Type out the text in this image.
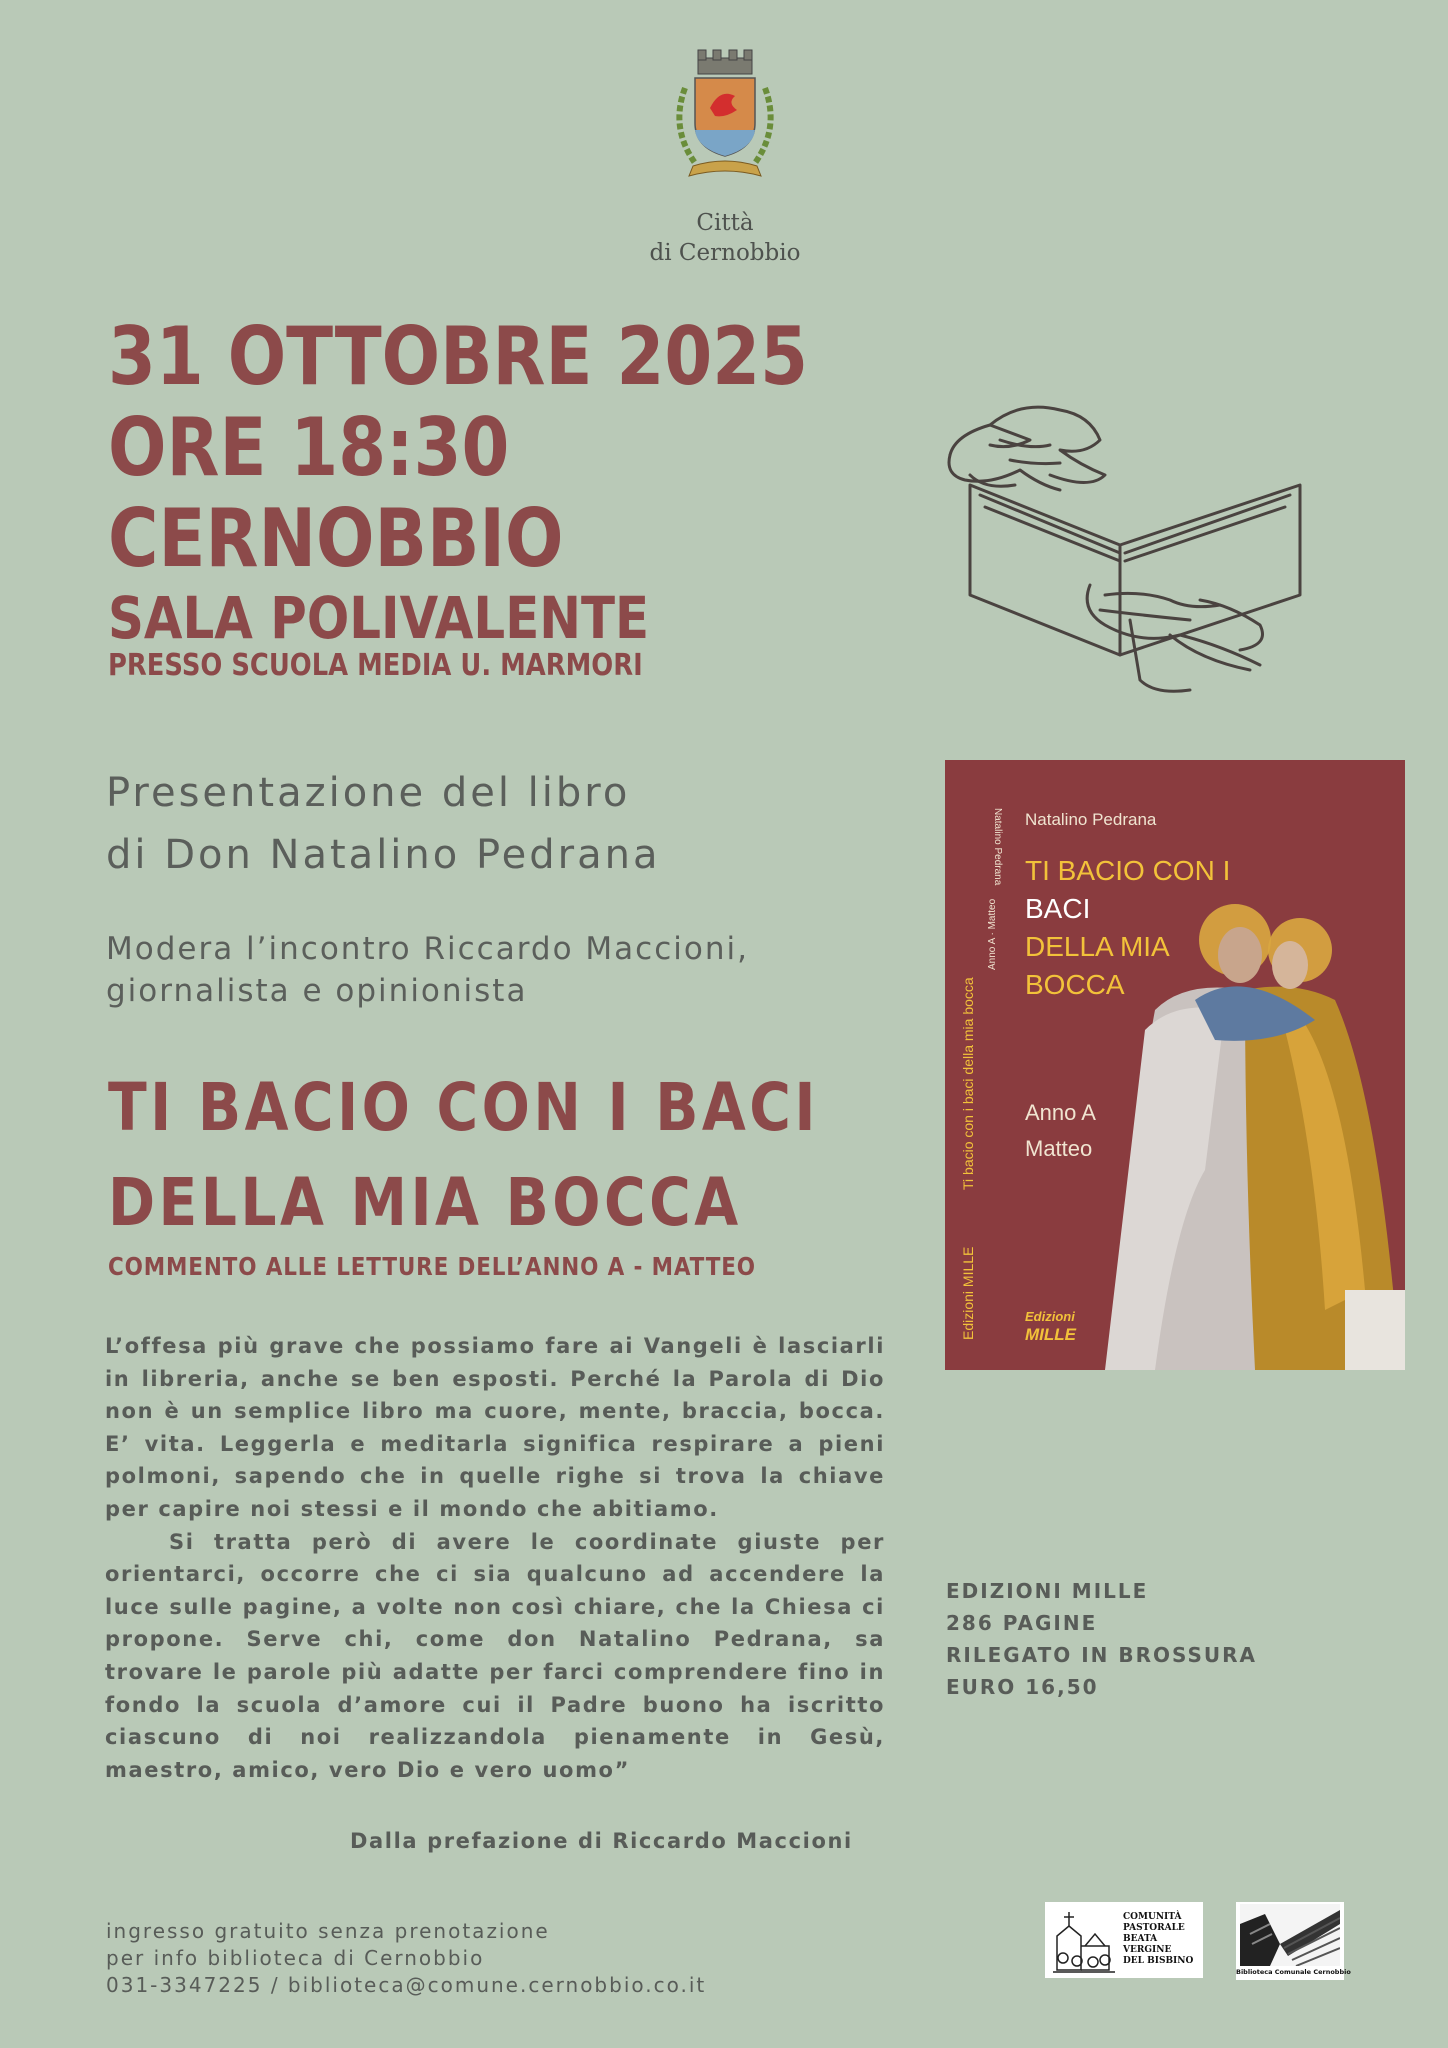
Città
di Cernobbio
31 OTTOBRE 2025
ORE 18:30
CERNOBBIO
SALA POLIVALENTE
PRESSO SCUOLA MEDIA U. MARMORI
Presentazione del libro
di Don Natalino Pedrana
Modera l’incontro Riccardo Maccioni,
giornalista e opinionista
TI BACIO CON I BACI
DELLA MIA BOCCA
COMMENTO ALLE LETTURE DELL’ANNO A - MATTEO

L’offesa più grave che possiamo fare ai Vangeli è lasciarli in libreria, anche se ben esposti. Perché la Parola di Dio non è un semplice libro ma cuore, mente, braccia, bocca. E’ vita. Leggerla e meditarla significa respirare a pieni polmoni, sapendo che in quelle righe si trova la chiave per capire noi stessi e il mondo che abitiamo.

Si tratta però di avere le coordinate giuste per orientarci, occorre che ci sia qualcuno ad accendere la luce sulle pagine, a volte non così chiare, che la Chiesa ci propone. Serve chi, come don Natalino Pedrana, sa trovare le parole più adatte per farci comprendere fino in fondo la scuola d’amore cui il Padre buono ha iscritto ciascuno di noi realizzandola pienamente in Gesù, maestro, amico, vero Dio e vero uomo”

Dalla prefazione di Riccardo Maccioni
Edizioni MILLE
Ti bacio con i baci della mia bocca
Anno A · Matteo
Natalino Pedrana Natalino Pedrana
TI BACIO CON I
BACI
DELLA MIA
BOCCA
Anno A
Matteo
Edizioni
MILLE
EDIZIONI MILLE
286 PAGINE
RILEGATO IN BROSSURA
EURO 16,50
ingresso gratuito senza prenotazione
per info biblioteca di Cernobbio
031-3347225 / biblioteca@comune.cernobbio.co.it
COMUNITÀ
PASTORALE
BEATA VERGINE
DEL BISBINO
Biblioteca Comunale Cernobbio
